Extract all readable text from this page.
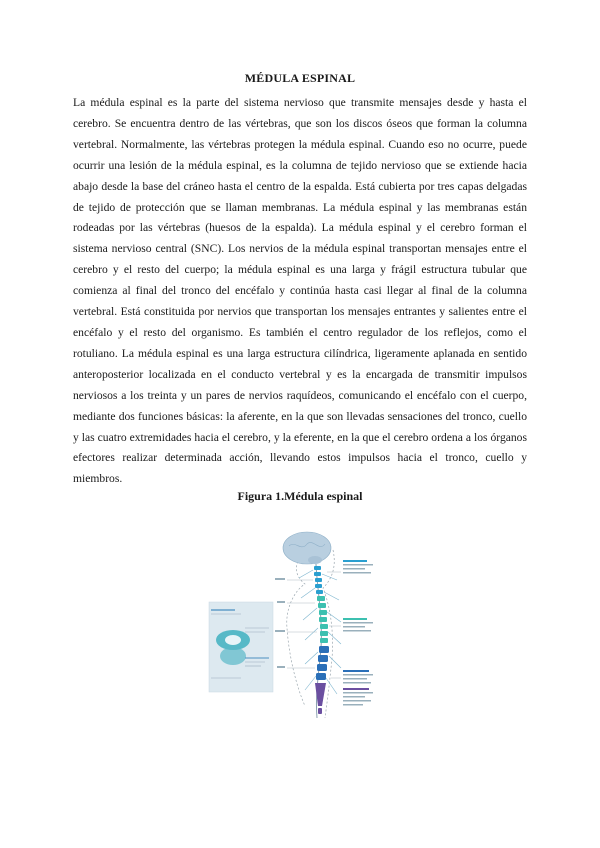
MÉDULA ESPINAL

La médula espinal es la parte del sistema nervioso que transmite mensajes desde y hasta el cerebro. Se encuentra dentro de las vértebras, que son los discos óseos que forman la columna vertebral. Normalmente, las vértebras protegen la médula espinal. Cuando eso no ocurre, puede ocurrir una lesión de la médula espinal, es la columna de tejido nervioso que se extiende hacia abajo desde la base del cráneo hasta el centro de la espalda. Está cubierta por tres capas delgadas de tejido de protección que se llaman membranas. La médula espinal y las membranas están rodeadas por las vértebras (huesos de la espalda). La médula espinal y el cerebro forman el sistema nervioso central (SNC). Los nervios de la médula espinal transportan mensajes entre el cerebro y el resto del cuerpo; la médula espinal es una larga y frágil estructura tubular que comienza al final del tronco del encéfalo y continúa hasta casi llegar al final de la columna vertebral. Está constituida por nervios que transportan los mensajes entrantes y salientes entre el encéfalo y el resto del organismo. Es también el centro regulador de los reflejos, como el rotuliano. La médula espinal es una larga estructura cilíndrica, ligeramente aplanada en sentido anteroposterior localizada en el conducto vertebral y es la encargada de transmitir impulsos nerviosos a los treinta y un pares de nervios raquídeos, comunicando el encéfalo con el cuerpo, mediante dos funciones básicas: la aferente, en la que son llevadas sensaciones del tronco, cuello y las cuatro extremidades hacia el cerebro, y la eferente, en la que el cerebro ordena a los órganos efectores realizar determinada acción, llevando estos impulsos hacia el tronco, cuello y miembros.

Figura 1.Médula espinal
